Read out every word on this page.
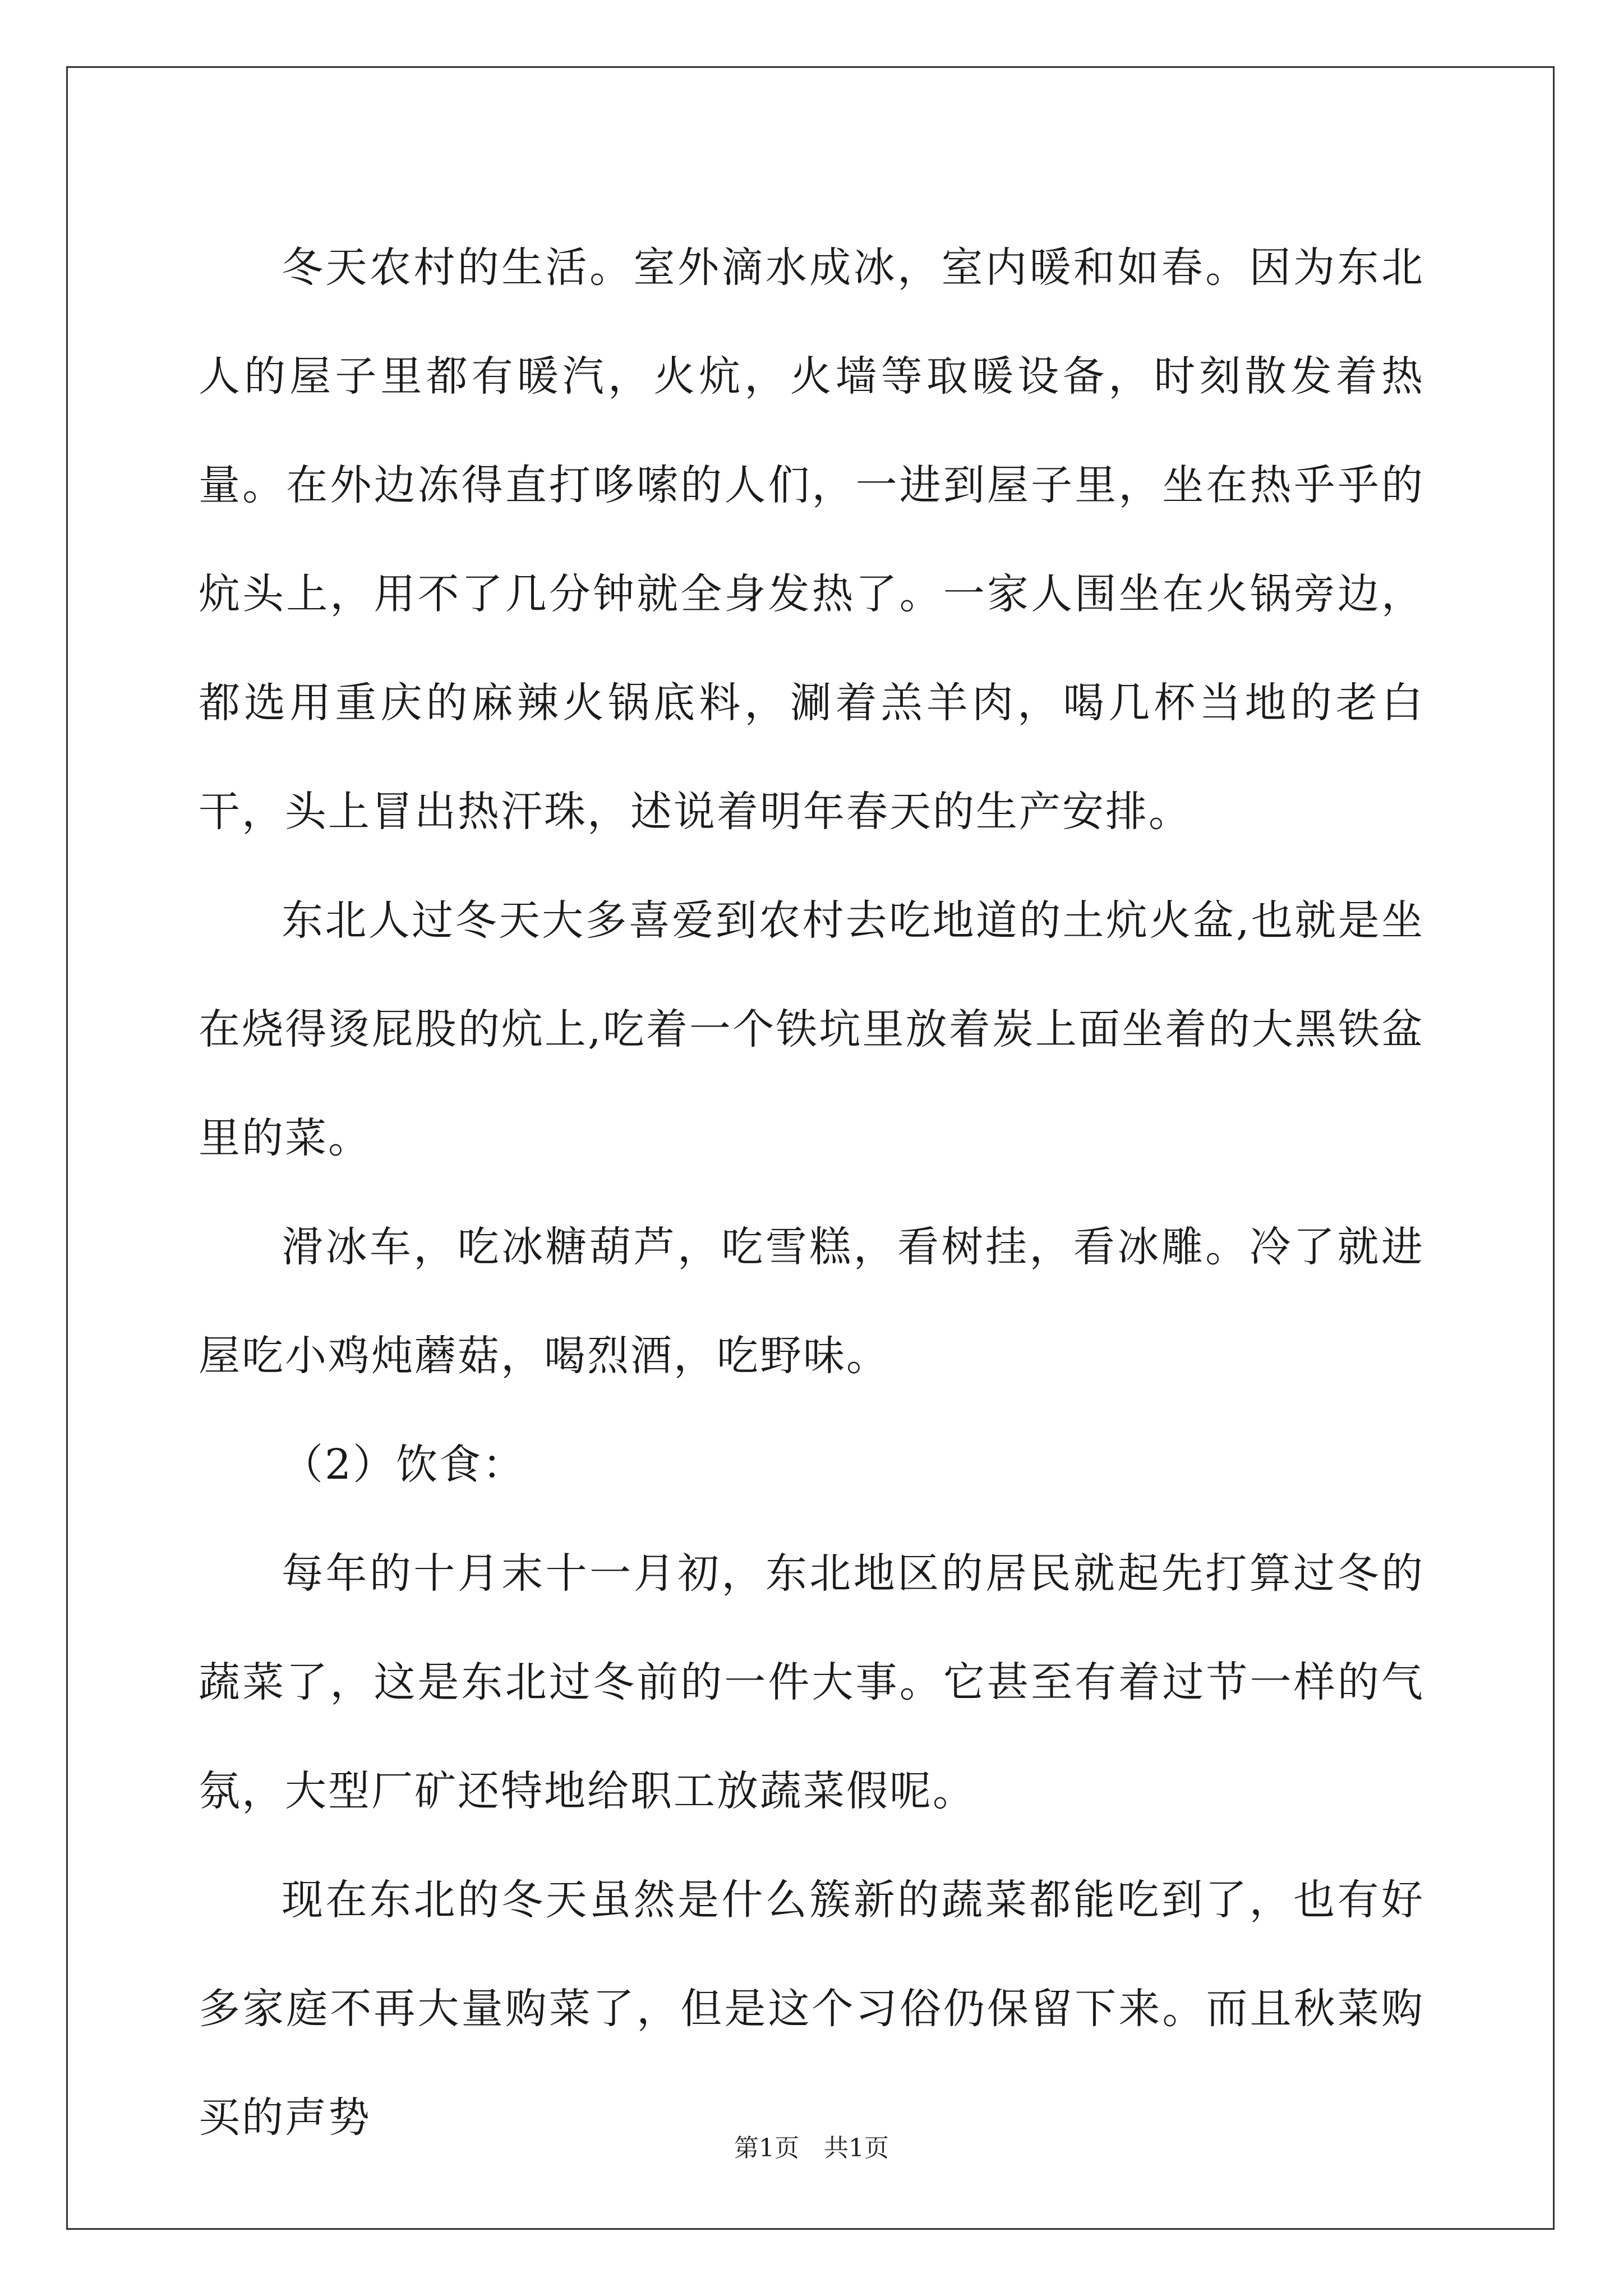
冬天农村的生活。室外滴水成冰，室内暖和如春。因为东北人的屋子里都有暖汽，火炕，火墙等取暖设备，时刻散发着热量。在外边冻得直打哆嗦的人们，一进到屋子里，坐在热乎乎的炕头上，用不了几分钟就全身发热了。一家人围坐在火锅旁边，都选用重庆的麻辣火锅底料，涮着羔羊肉，喝几杯当地的老白干，头上冒出热汗珠，述说着明年春天的生产安排。

东北人过冬天大多喜爱到农村去吃地道的土炕火盆,也就是坐在烧得烫屁股的炕上,吃着一个铁坑里放着炭上面坐着的大黑铁盆里的菜。

滑冰车，吃冰糖葫芦，吃雪糕，看树挂，看冰雕。冷了就进屋吃小鸡炖蘑菇，喝烈酒，吃野味。

（2）饮食：

每年的十月末十一月初，东北地区的居民就起先打算过冬的蔬菜了，这是东北过冬前的一件大事。它甚至有着过节一样的气氛，大型厂矿还特地给职工放蔬菜假呢。

现在东北的冬天虽然是什么簇新的蔬菜都能吃到了，也有好多家庭不再大量购菜了，但是这个习俗仍保留下来。而且秋菜购买的声势

第1页　共1页
